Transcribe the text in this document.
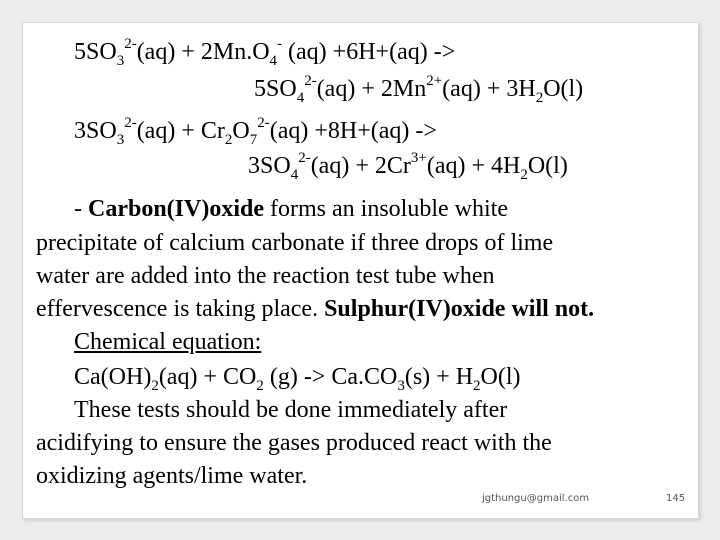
$5SO_3^{2-}(aq) + 2Mn.O_4^-$ (aq) +6H+(aq) ->
$5SO_4^{2-}(aq) + 2Mn^{2+}(aq) + 3H_2O(l)$
$3SO_3^{2-}(aq) + Cr_2O_7^{2-}(aq) +8H+(aq)$ ->
$3SO_4^{2-}(aq) + 2Cr^{3+}(aq) + 4H_2O(l)$
- Carbon(IV)oxide forms an insoluble white
precipitate of calcium carbonate if three drops of lime
water are added into the reaction test tube when
effervescence is taking place. Sulphur(IV)oxide will not.
Chemical equation:
$Ca(OH)_2(aq) + CO_2$ $(g) -> Ca.CO_3(s) + H_2O(l)$
These tests should be done immediately after
acidifying to ensure the gases produced react with the
oxidizing agents/lime water.
jgthungu@gmail.com	145
